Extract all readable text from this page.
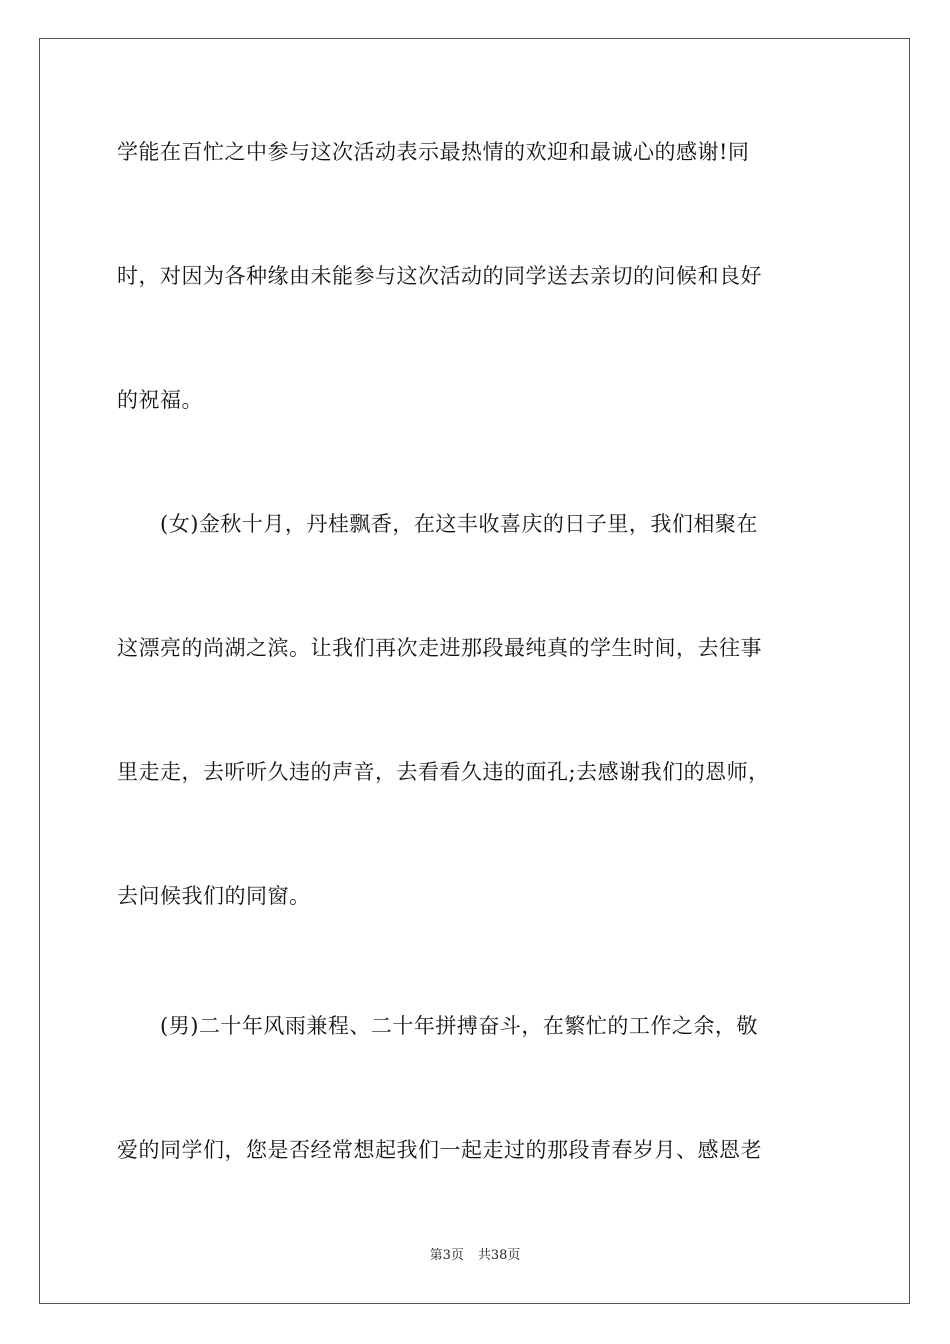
学能在百忙之中参与这次活动表示最热情的欢迎和最诚心的感谢!同
时，对因为各种缘由未能参与这次活动的同学送去亲切的问候和良好
的祝福。
　　(女)金秋十月，丹桂飘香，在这丰收喜庆的日子里，我们相聚在
这漂亮的尚湖之滨。让我们再次走进那段最纯真的学生时间，去往事
里走走，去听听久违的声音，去看看久违的面孔;去感谢我们的恩师，
去问候我们的同窗。
　　(男)二十年风雨兼程、二十年拼搏奋斗，在繁忙的工作之余，敬
爱的同学们，您是否经常想起我们一起走过的那段青春岁月、感恩老
第3页 共38页
